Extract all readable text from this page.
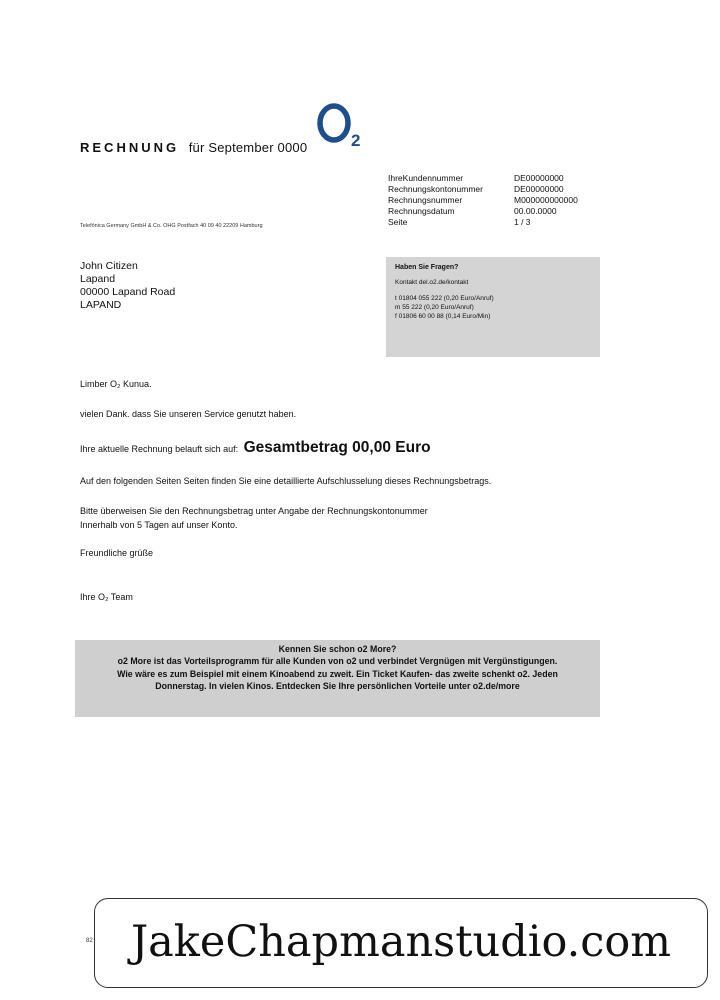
RECHNUNG für September 0000	2
Telefónica Germany GmbH & Co. OHG Postfach 40 09 40 22209 Hamburg
IhreKundennummer	DE00000000
Rechnungskontonummer	DE00000000
Rechnungsnummer	M000000000000
Rechnungsdatum	00.00.0000
Seite	1 / 3
John Citizen
Lapand
00000 Lapand Road
LAPAND
Haben Sie Fragen?
Kontakt del.o2.de/kontakt
t 01804 055 222 (0,20 Euro/Anruf)
m 55 222 (0,20 Euro/Anruf)
f 01806 60 00 88 (0,14 Euro/Min)
Limber O₂ Kunua.
vielen Dank. dass Sie unseren Service genutzt haben.
Ihre aktuelle Rechnung belauft sich auf: Gesamtbetrag 00,00 Euro
Auf den folgenden Seiten Seiten finden Sie eine detaillierte Aufschlusselung dieses Rechnungsbetrags.
Bitte überweisen Sie den Rechnungsbetrag unter Angabe der Rechnungskontonummer
Innerhalb von 5 Tagen auf unser Konto.
Freundliche grüße
Ihre O₂ Team
Kennen Sie schon o2 More?
o2 More ist das Vorteilsprogramm für alle Kunden von o2 und verbindet Vergnügen mit Vergünstigungen. Wie wäre es zum Beispiel mit einem Kinoabend zu zweit. Ein Ticket Kaufen- das zweite schenkt o2. Jeden Donnerstag. In vielen Kinos. Entdecken Sie Ihre persönlichen Vorteile unter o2.de/more
82 JakeChapmanstudio.com
